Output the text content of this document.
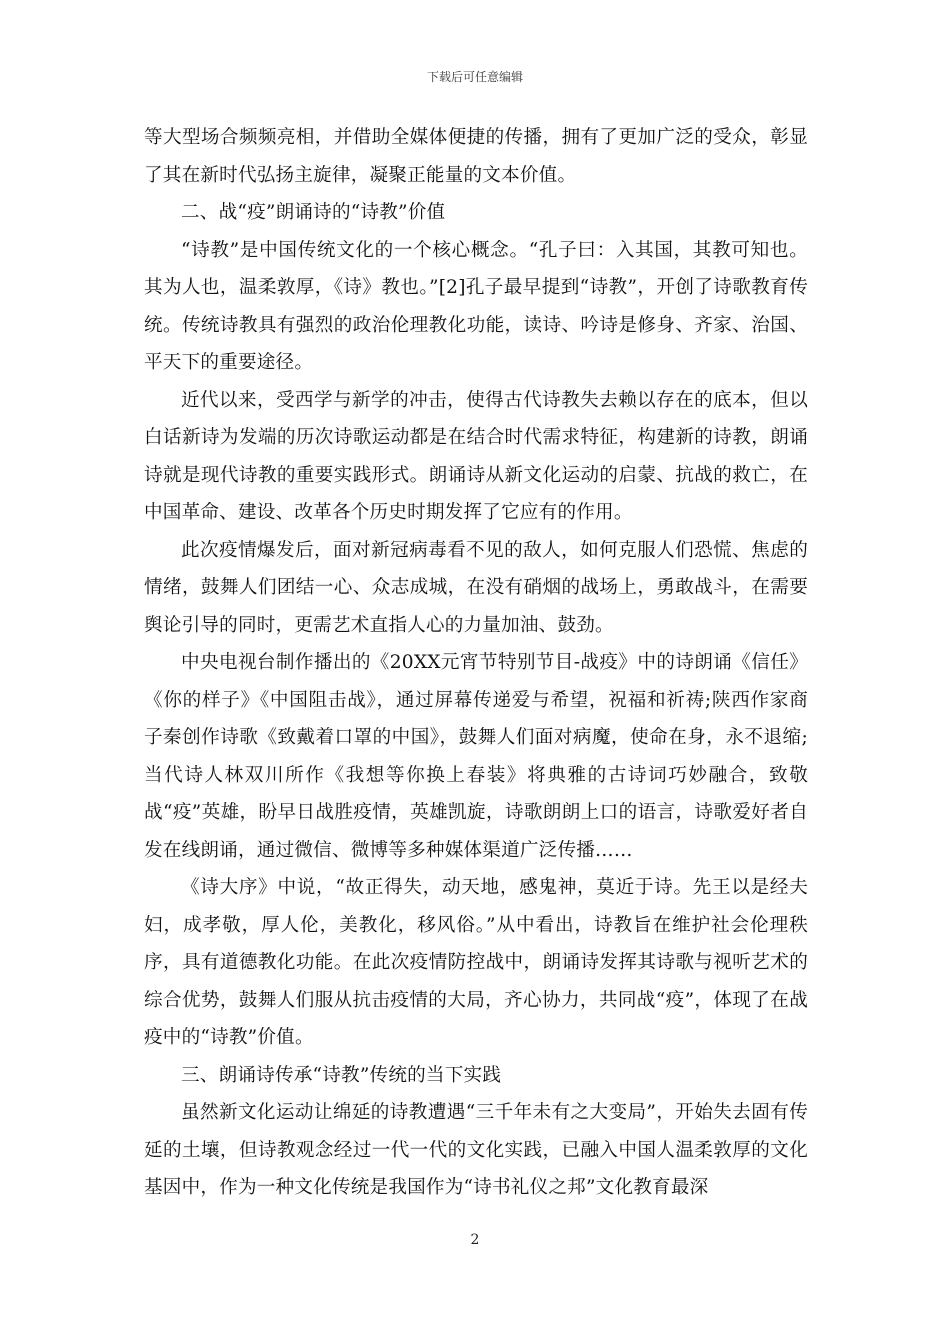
下载后可任意编辑

等大型场合频频亮相，并借助全媒体便捷的传播，拥有了更加广泛的受众，彰显了其在新时代弘扬主旋律，凝聚正能量的文本价值。

二、战“疫”朗诵诗的“诗教”价值

“诗教”是中国传统文化的一个核心概念。“孔子曰：入其国，其教可知也。其为人也，温柔敦厚，《诗》教也。”[2]孔子最早提到“诗教”，开创了诗歌教育传统。传统诗教具有强烈的政治伦理教化功能，读诗、吟诗是修身、齐家、治国、平天下的重要途径。

近代以来，受西学与新学的冲击，使得古代诗教失去赖以存在的底本，但以白话新诗为发端的历次诗歌运动都是在结合时代需求特征，构建新的诗教，朗诵诗就是现代诗教的重要实践形式。朗诵诗从新文化运动的启蒙、抗战的救亡，在中国革命、建设、改革各个历史时期发挥了它应有的作用。

此次疫情爆发后，面对新冠病毒看不见的敌人，如何克服人们恐慌、焦虑的情绪，鼓舞人们团结一心、众志成城，在没有硝烟的战场上，勇敢战斗，在需要舆论引导的同时，更需艺术直指人心的力量加油、鼓劲。

中央电视台制作播出的《20XX元宵节特别节目-战疫》中的诗朗诵《信任》《你的样子》《中国阻击战》，通过屏幕传递爱与希望，祝福和祈祷;陕西作家商子秦创作诗歌《致戴着口罩的中国》，鼓舞人们面对病魔，使命在身，永不退缩;当代诗人林双川所作《我想等你换上春装》将典雅的古诗词巧妙融合，致敬战“疫”英雄，盼早日战胜疫情，英雄凯旋，诗歌朗朗上口的语言，诗歌爱好者自发在线朗诵，通过微信、微博等多种媒体渠道广泛传播……

《诗大序》中说，“故正得失，动天地，感鬼神，莫近于诗。先王以是经夫妇，成孝敬，厚人伦，美教化，移风俗。”从中看出，诗教旨在维护社会伦理秩序，具有道德教化功能。在此次疫情防控战中，朗诵诗发挥其诗歌与视听艺术的综合优势，鼓舞人们服从抗击疫情的大局，齐心协力，共同战“疫”，体现了在战疫中的“诗教”价值。

三、朗诵诗传承“诗教”传统的当下实践

虽然新文化运动让绵延的诗教遭遇“三千年未有之大变局”，开始失去固有传延的土壤，但诗教观念经过一代一代的文化实践，已融入中国人温柔敦厚的文化基因中，作为一种文化传统是我国作为“诗书礼仪之邦”文化教育最深

2
